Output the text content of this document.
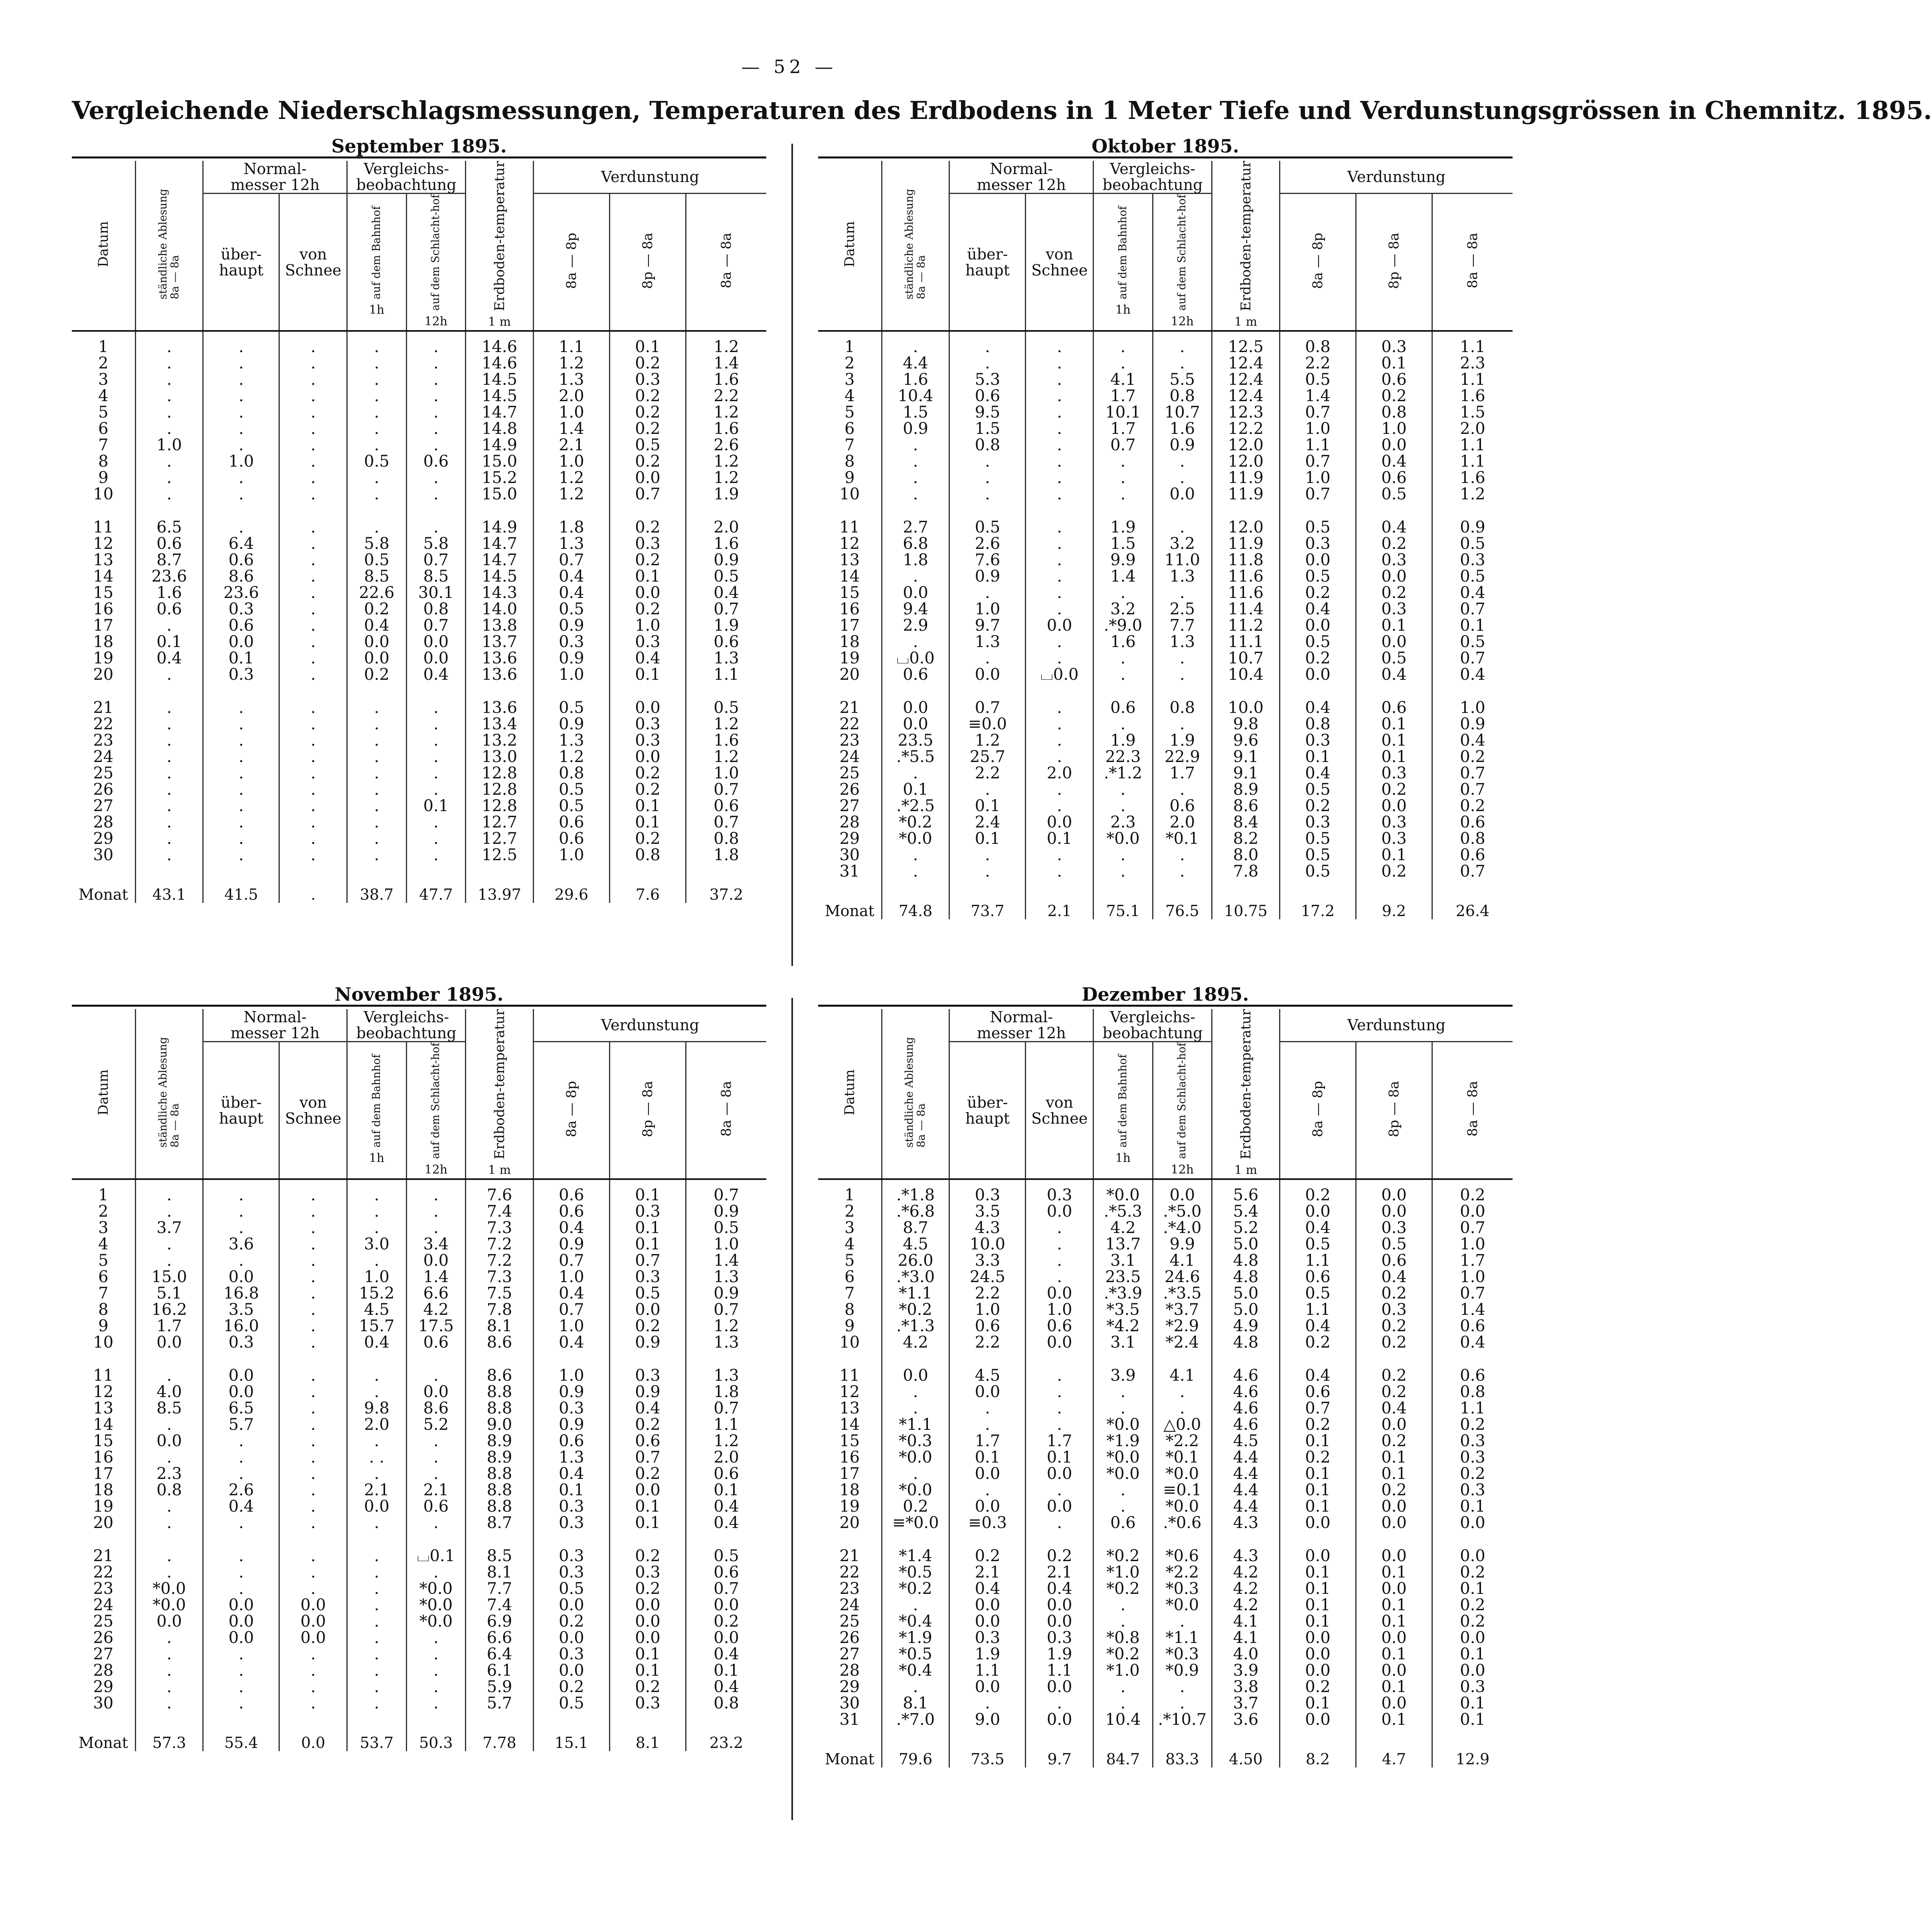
— 52 —
Vergleichende Niederschlagsmessungen, Temperaturen des Erdbodens in 1 Meter Tiefe und Verdunstungsgrössen in Chemnitz. 1895.
September 1895.
Datum	ständliche Ablesung8a — 8a	Normal-
messer 12h		Vergleichs-
beobachtung		Erdboden-temperatur
1 m	Verdunstung		
		über-
haupt	von
Schnee	auf dem Bahnhof
1h	auf dem Schlacht-hof
12h		8a — 8p	8p — 8a	8a — 8a
1	.	.	.	.	.	14.6	1.1	0.1	1.2
2	.	.	.	.	.	14.6	1.2	0.2	1.4
3	.	.	.	.	.	14.5	1.3	0.3	1.6
4	.	.	.	.	.	14.5	2.0	0.2	2.2
5	.	.	.	.	.	14.7	1.0	0.2	1.2
6	.	.	.	.	.	14.8	1.4	0.2	1.6
7	1.0	.	.	.	.	14.9	2.1	0.5	2.6
8	.	1.0	.	0.5	0.6	15.0	1.0	0.2	1.2
9	.	.	.	.	.	15.2	1.2	0.0	1.2
10	.	.	.	.	.	15.0	1.2	0.7	1.9

11	6.5	.	.	.	.	14.9	1.8	0.2	2.0
12	0.6	6.4	.	5.8	5.8	14.7	1.3	0.3	1.6
13	8.7	0.6	.	0.5	0.7	14.7	0.7	0.2	0.9
14	23.6	8.6	.	8.5	8.5	14.5	0.4	0.1	0.5
15	1.6	23.6	.	22.6	30.1	14.3	0.4	0.0	0.4
16	0.6	0.3	.	0.2	0.8	14.0	0.5	0.2	0.7
17	.	0.6	.	0.4	0.7	13.8	0.9	1.0	1.9
18	0.1	0.0	.	0.0	0.0	13.7	0.3	0.3	0.6
19	0.4	0.1	.	0.0	0.0	13.6	0.9	0.4	1.3
20	.	0.3	.	0.2	0.4	13.6	1.0	0.1	1.1

21	.	.	.	.	.	13.6	0.5	0.0	0.5
22	.	.	.	.	.	13.4	0.9	0.3	1.2
23	.	.	.	.	.	13.2	1.3	0.3	1.6
24	.	.	.	.	.	13.0	1.2	0.0	1.2
25	.	.	.	.	.	12.8	0.8	0.2	1.0
26	.	.	.	.	.	12.8	0.5	0.2	0.7
27	.	.	.	.	0.1	12.8	0.5	0.1	0.6
28	.	.	.	.	.	12.7	0.6	0.1	0.7
29	.	.	.	.	.	12.7	0.6	0.2	0.8
30	.	.	.	.	.	12.5	1.0	0.8	1.8
Monat	43.1	41.5	.	38.7	47.7	13.97	29.6	7.6	37.2
Oktober 1895.
Datum	ständliche Ablesung8a — 8a	Normal-
messer 12h		Vergleichs-
beobachtung		Erdboden-temperatur
1 m	Verdunstung		
		über-
haupt	von
Schnee	auf dem Bahnhof
1h	auf dem Schlacht-hof
12h		8a — 8p	8p — 8a	8a — 8a
1	.	.	.	.	.	12.5	0.8	0.3	1.1
2	4.4	.	.	.	.	12.4	2.2	0.1	2.3
3	1.6	5.3	.	4.1	5.5	12.4	0.5	0.6	1.1
4	10.4	0.6	.	1.7	0.8	12.4	1.4	0.2	1.6
5	1.5	9.5	.	10.1	10.7	12.3	0.7	0.8	1.5
6	0.9	1.5	.	1.7	1.6	12.2	1.0	1.0	2.0
7	.	0.8	.	0.7	0.9	12.0	1.1	0.0	1.1
8	.	.	.	.	.	12.0	0.7	0.4	1.1
9	.	.	.	.	.	11.9	1.0	0.6	1.6
10	.	.	.	.	0.0	11.9	0.7	0.5	1.2

11	2.7	0.5	.	1.9	.	12.0	0.5	0.4	0.9
12	6.8	2.6	.	1.5	3.2	11.9	0.3	0.2	0.5
13	1.8	7.6	.	9.9	11.0	11.8	0.0	0.3	0.3
14	.	0.9	.	1.4	1.3	11.6	0.5	0.0	0.5
15	0.0	.	.	.	.	11.6	0.2	0.2	0.4
16	9.4	1.0	.	3.2	2.5	11.4	0.4	0.3	0.7
17	2.9	9.7	0.0	.*9.0	7.7	11.2	0.0	0.1	0.1
18	.	1.3	.	1.6	1.3	11.1	0.5	0.0	0.5
19	⌴0.0	.	.	.	.	10.7	0.2	0.5	0.7
20	0.6	0.0	⌴0.0	.	.	10.4	0.0	0.4	0.4

21	0.0	0.7	.	0.6	0.8	10.0	0.4	0.6	1.0
22	0.0	≡0.0	.	.	.	9.8	0.8	0.1	0.9
23	23.5	1.2	.	1.9	1.9	9.6	0.3	0.1	0.4
24	.*5.5	25.7	.	22.3	22.9	9.1	0.1	0.1	0.2
25	.	2.2	2.0	.*1.2	1.7	9.1	0.4	0.3	0.7
26	0.1	.	.	.	.	8.9	0.5	0.2	0.7
27	.*2.5	0.1	.	.	0.6	8.6	0.2	0.0	0.2
28	*0.2	2.4	0.0	2.3	2.0	8.4	0.3	0.3	0.6
29	*0.0	0.1	0.1	*0.0	*0.1	8.2	0.5	0.3	0.8
30	.	.	.	.	.	8.0	0.5	0.1	0.6
31	.	.	.	.	.	7.8	0.5	0.2	0.7
Monat	74.8	73.7	2.1	75.1	76.5	10.75	17.2	9.2	26.4
November 1895.
Datum	ständliche Ablesung8a — 8a	Normal-
messer 12h		Vergleichs-
beobachtung		Erdboden-temperatur
1 m	Verdunstung		
		über-
haupt	von
Schnee	auf dem Bahnhof
1h	auf dem Schlacht-hof
12h		8a — 8p	8p — 8a	8a — 8a
1	.	.	.	.	.	7.6	0.6	0.1	0.7
2	.	.	.	.	.	7.4	0.6	0.3	0.9
3	3.7	.	.	.	.	7.3	0.4	0.1	0.5
4	.	3.6	.	3.0	3.4	7.2	0.9	0.1	1.0
5	.	.	.	.	0.0	7.2	0.7	0.7	1.4
6	15.0	0.0	.	1.0	1.4	7.3	1.0	0.3	1.3
7	5.1	16.8	.	15.2	6.6	7.5	0.4	0.5	0.9
8	16.2	3.5	.	4.5	4.2	7.8	0.7	0.0	0.7
9	1.7	16.0	.	15.7	17.5	8.1	1.0	0.2	1.2
10	0.0	0.3	.	0.4	0.6	8.6	0.4	0.9	1.3

11	.	0.0	.	.	.	8.6	1.0	0.3	1.3
12	4.0	0.0	.	.	0.0	8.8	0.9	0.9	1.8
13	8.5	6.5	.	9.8	8.6	8.8	0.3	0.4	0.7
14	.	5.7	.	2.0	5.2	9.0	0.9	0.2	1.1
15	0.0	.	.	.	.	8.9	0.6	0.6	1.2
16	.	.	.	. .	.	8.9	1.3	0.7	2.0
17	2.3	.	.	.	.	8.8	0.4	0.2	0.6
18	0.8	2.6	.	2.1	2.1	8.8	0.1	0.0	0.1
19	.	0.4	.	0.0	0.6	8.8	0.3	0.1	0.4
20	.	.	.	.	.	8.7	0.3	0.1	0.4

21	.	.	.	.	⌴0.1	8.5	0.3	0.2	0.5
22	.	.	.	.	.	8.1	0.3	0.3	0.6
23	*0.0	.	.	.	*0.0	7.7	0.5	0.2	0.7
24	*0.0	0.0	0.0	.	*0.0	7.4	0.0	0.0	0.0
25	0.0	0.0	0.0	.	*0.0	6.9	0.2	0.0	0.2
26	.	0.0	0.0	.	.	6.6	0.0	0.0	0.0
27	.	.	.	.	.	6.4	0.3	0.1	0.4
28	.	.	.	.	.	6.1	0.0	0.1	0.1
29	.	.	.	.	.	5.9	0.2	0.2	0.4
30	.	.	.	.	.	5.7	0.5	0.3	0.8
Monat	57.3	55.4	0.0	53.7	50.3	7.78	15.1	8.1	23.2
Dezember 1895.
Datum	ständliche Ablesung8a — 8a	Normal-
messer 12h		Vergleichs-
beobachtung		Erdboden-temperatur
1 m	Verdunstung		
		über-
haupt	von
Schnee	auf dem Bahnhof
1h	auf dem Schlacht-hof
12h		8a — 8p	8p — 8a	8a — 8a
1	.*1.8	0.3	0.3	*0.0	0.0	5.6	0.2	0.0	0.2
2	.*6.8	3.5	0.0	.*5.3	.*5.0	5.4	0.0	0.0	0.0
3	8.7	4.3	.	4.2	.*4.0	5.2	0.4	0.3	0.7
4	4.5	10.0	.	13.7	9.9	5.0	0.5	0.5	1.0
5	26.0	3.3	.	3.1	4.1	4.8	1.1	0.6	1.7
6	.*3.0	24.5	.	23.5	24.6	4.8	0.6	0.4	1.0
7	*1.1	2.2	0.0	.*3.9	.*3.5	5.0	0.5	0.2	0.7
8	*0.2	1.0	1.0	*3.5	*3.7	5.0	1.1	0.3	1.4
9	.*1.3	0.6	0.6	*4.2	*2.9	4.9	0.4	0.2	0.6
10	4.2	2.2	0.0	3.1	*2.4	4.8	0.2	0.2	0.4

11	0.0	4.5	.	3.9	4.1	4.6	0.4	0.2	0.6
12	.	0.0	.	.	.	4.6	0.6	0.2	0.8
13	.	.	.	.	.	4.6	0.7	0.4	1.1
14	*1.1	.	.	*0.0	△0.0	4.6	0.2	0.0	0.2
15	*0.3	1.7	1.7	*1.9	*2.2	4.5	0.1	0.2	0.3
16	*0.0	0.1	0.1	*0.0	*0.1	4.4	0.2	0.1	0.3
17	.	0.0	0.0	*0.0	*0.0	4.4	0.1	0.1	0.2
18	*0.0	.	.	.	≡0.1	4.4	0.1	0.2	0.3
19	0.2	0.0	0.0	.	*0.0	4.4	0.1	0.0	0.1
20	≡*0.0	≡0.3	.	0.6	.*0.6	4.3	0.0	0.0	0.0

21	*1.4	0.2	0.2	*0.2	*0.6	4.3	0.0	0.0	0.0
22	*0.5	2.1	2.1	*1.0	*2.2	4.2	0.1	0.1	0.2
23	*0.2	0.4	0.4	*0.2	*0.3	4.2	0.1	0.0	0.1
24	.	0.0	0.0	.	*0.0	4.2	0.1	0.1	0.2
25	*0.4	0.0	0.0	.	.	4.1	0.1	0.1	0.2
26	*1.9	0.3	0.3	*0.8	*1.1	4.1	0.0	0.0	0.0
27	*0.5	1.9	1.9	*0.2	*0.3	4.0	0.0	0.1	0.1
28	*0.4	1.1	1.1	*1.0	*0.9	3.9	0.0	0.0	0.0
29	.	0.0	0.0	.	.	3.8	0.2	0.1	0.3
30	8.1	.	.	.	.	3.7	0.1	0.0	0.1
31	.*7.0	9.0	0.0	10.4	.*10.7	3.6	0.0	0.1	0.1
Monat	79.6	73.5	9.7	84.7	83.3	4.50	8.2	4.7	12.9
